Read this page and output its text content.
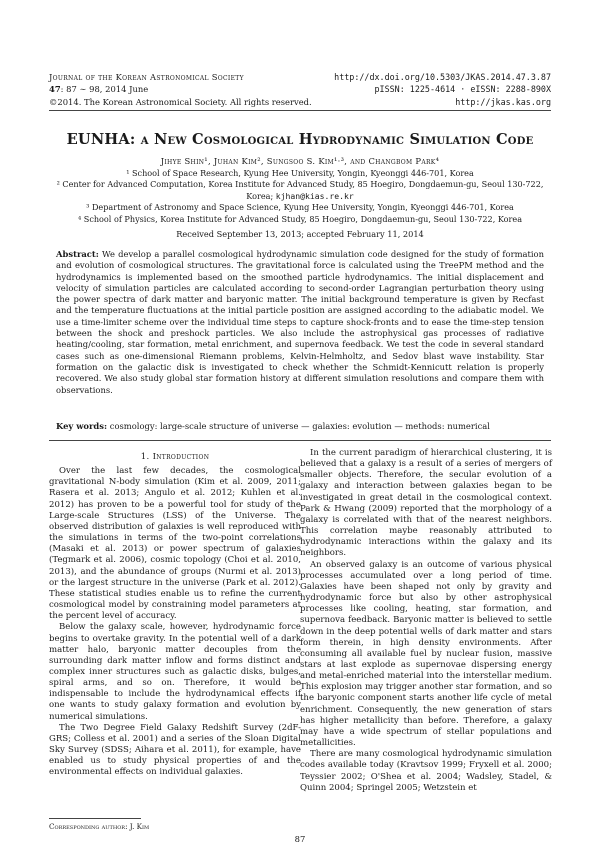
Journal of the Korean Astronomical Society
47: 87 ∼ 98, 2014 June
©2014. The Korean Astronomical Society. All rights reserved.
http://dx.doi.org/10.5303/JKAS.2014.47.3.87
pISSN: 1225-4614 · eISSN: 2288-890X
http://jkas.kas.org
EUNHA: a New Cosmological Hydrodynamic Simulation Code
Jihye Shin¹, Juhan Kim², Sungsoo S. Kim¹·³, and Changbom Park⁴
¹ School of Space Research, Kyung Hee University, Yongin, Kyeonggi 446-701, Korea
² Center for Advanced Computation, Korea Institute for Advanced Study, 85 Hoegiro, Dongdaemun-gu, Seoul 130-722,
Korea; kjhan@kias.re.kr
³ Department of Astronomy and Space Science, Kyung Hee University, Yongin, Kyeonggi 446-701, Korea
⁴ School of Physics, Korea Institute for Advanced Study, 85 Hoegiro, Dongdaemun-gu, Seoul 130-722, Korea
Received September 13, 2013; accepted February 11, 2014
Abstract: We develop a parallel cosmological hydrodynamic simulation code designed for the study of formation and evolution of cosmological structures. The gravitational force is calculated using the TreePM method and the hydrodynamics is implemented based on the smoothed particle hydrodynamics. The initial displacement and velocity of simulation particles are calculated according to second-order Lagrangian perturbation theory using the power spectra of dark matter and baryonic matter. The initial background temperature is given by Recfast and the temperature fluctuations at the initial particle position are assigned according to the adiabatic model. We use a time-limiter scheme over the individual time steps to capture shock-fronts and to ease the time-step tension between the shock and preshock particles. We also include the astrophysical gas processes of radiative heating/cooling, star formation, metal enrichment, and supernova feedback. We test the code in several standard cases such as one-dimensional Riemann problems, Kelvin-Helmholtz, and Sedov blast wave instability. Star formation on the galactic disk is investigated to check whether the Schmidt-Kennicutt relation is properly recovered. We also study global star formation history at different simulation resolutions and compare them with observations.
Key words: cosmology: large-scale structure of universe — galaxies: evolution — methods: numerical
1. Introduction

Over the last few decades, the cosmological gravitational N-body simulation (Kim et al. 2009, 2011; Rasera et al. 2013; Angulo et al. 2012; Kuhlen et al. 2012) has proven to be a powerful tool for study of the Large-scale Structures (LSS) of the Universe. The observed distribution of galaxies is well reproduced with the simulations in terms of the two-point correlations (Masaki et al. 2013) or power spectrum of galaxies (Tegmark et al. 2006), cosmic topology (Choi et al. 2010, 2013), and the abundance of groups (Nurmi et al. 2013) or the largest structure in the universe (Park et al. 2012). These statistical studies enable us to refine the current cosmological model by constraining model parameters at the percent level of accuracy.

Below the galaxy scale, however, hydrodynamic force begins to overtake gravity. In the potential well of a dark matter halo, baryonic matter decouples from the surrounding dark matter inflow and forms distinct and complex inner structures such as galactic disks, bulges, spiral arms, and so on. Therefore, it would be indispensable to include the hydrodynamical effects if one wants to study galaxy formation and evolution by numerical simulations.

The Two Degree Field Galaxy Redshift Survey (2dF-GRS; Colless et al. 2001) and a series of the Sloan Digital Sky Survey (SDSS; Aihara et al. 2011), for example, have enabled us to study physical properties of and the environmental effects on individual galaxies.

In the current paradigm of hierarchical clustering, it is believed that a galaxy is a result of a series of mergers of smaller objects. Therefore, the secular evolution of a galaxy and interaction between galaxies began to be investigated in great detail in the cosmological context. Park & Hwang (2009) reported that the morphology of a galaxy is correlated with that of the nearest neighbors. This correlation maybe reasonably attributed to hydrodynamic interactions within the galaxy and its neighbors.

An observed galaxy is an outcome of various physical processes accumulated over a long period of time. Galaxies have been shaped not only by gravity and hydrodynamic force but also by other astrophysical processes like cooling, heating, star formation, and supernova feedback. Baryonic matter is believed to settle down in the deep potential wells of dark matter and stars form therein, in high density environments. After consuming all available fuel by nuclear fusion, massive stars at last explode as supernovae dispersing energy and metal-enriched material into the interstellar medium. This explosion may trigger another star formation, and so the baryonic component starts another life cycle of metal enrichment. Consequently, the new generation of stars has higher metallicity than before. Therefore, a galaxy may have a wide spectrum of stellar populations and metallicities.

There are many cosmological hydrodynamic simulation codes available today (Kravtsov 1999; Fryxell et al. 2000; Teyssier 2002; O'Shea et al. 2004; Wadsley, Stadel, & Quinn 2004; Springel 2005; Wetzstein et

Corresponding author: J. Kim
87
